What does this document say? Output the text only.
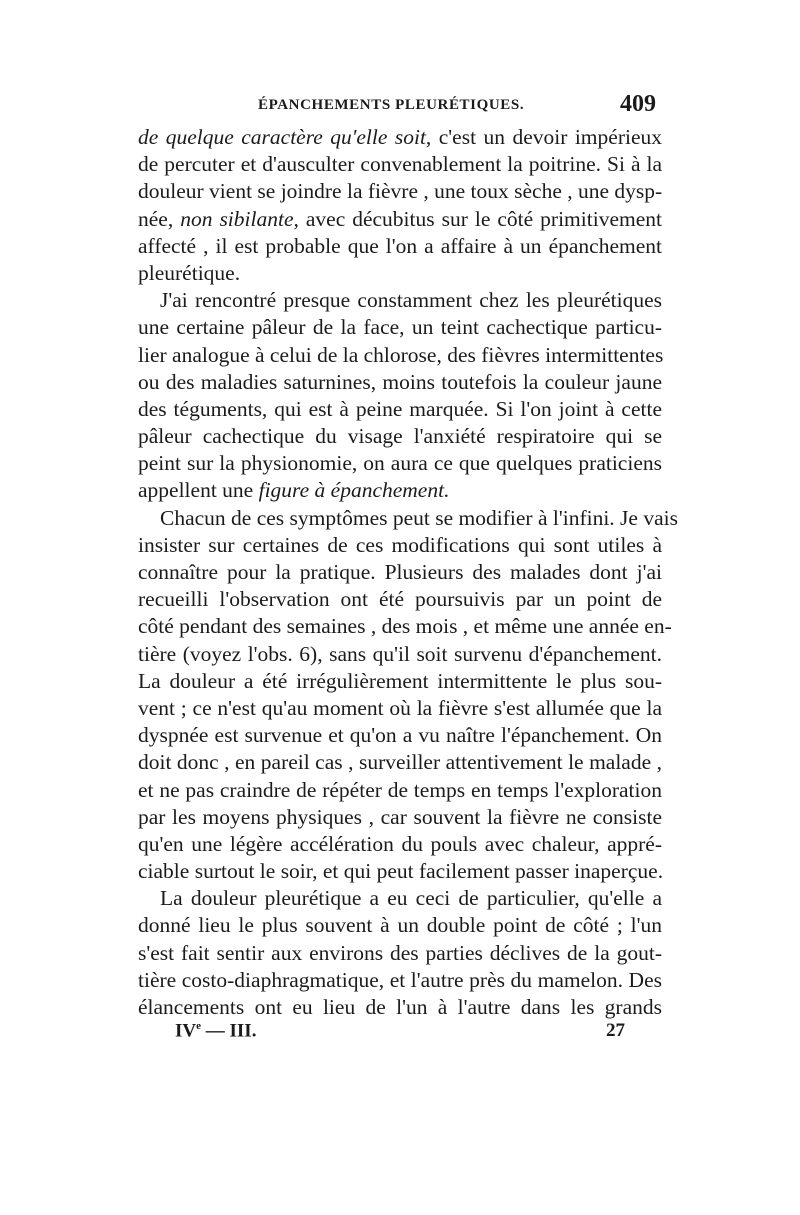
ÉPANCHEMENTS PLEURÉTIQUES.	409
de quelque caractère qu'elle soit, c'est un devoir impérieux
de percuter et d'ausculter convenablement la poitrine. Si à la
douleur vient se joindre la fièvre , une toux sèche , une dysp-
née, non sibilante, avec décubitus sur le côté primitivement
affecté , il est probable que l'on a affaire à un épanchement
pleurétique.
J'ai rencontré presque constamment chez les pleurétiques
une certaine pâleur de la face, un teint cachectique particu-
lier analogue à celui de la chlorose, des fièvres intermittentes
ou des maladies saturnines, moins toutefois la couleur jaune
des téguments, qui est à peine marquée. Si l'on joint à cette
pâleur cachectique du visage l'anxiété respiratoire qui se
peint sur la physionomie, on aura ce que quelques praticiens
appellent une figure à épanchement.
Chacun de ces symptômes peut se modifier à l'infini. Je vais
insister sur certaines de ces modifications qui sont utiles à
connaître pour la pratique. Plusieurs des malades dont j'ai
recueilli l'observation ont été poursuivis par un point de
côté pendant des semaines , des mois , et même une année en-
tière (voyez l'obs. 6), sans qu'il soit survenu d'épanchement.
La douleur a été irrégulièrement intermittente le plus sou-
vent ; ce n'est qu'au moment où la fièvre s'est allumée que la
dyspnée est survenue et qu'on a vu naître l'épanchement. On
doit donc , en pareil cas , surveiller attentivement le malade ,
et ne pas craindre de répéter de temps en temps l'exploration
par les moyens physiques , car souvent la fièvre ne consiste
qu'en une légère accélération du pouls avec chaleur, appré-
ciable surtout le soir, et qui peut facilement passer inaperçue.
La douleur pleurétique a eu ceci de particulier, qu'elle a
donné lieu le plus souvent à un double point de côté ; l'un
s'est fait sentir aux environs des parties déclives de la gout-
tière costo-diaphragmatique, et l'autre près du mamelon. Des
élancements ont eu lieu de l'un à l'autre dans les grands
IVe — III.	27
